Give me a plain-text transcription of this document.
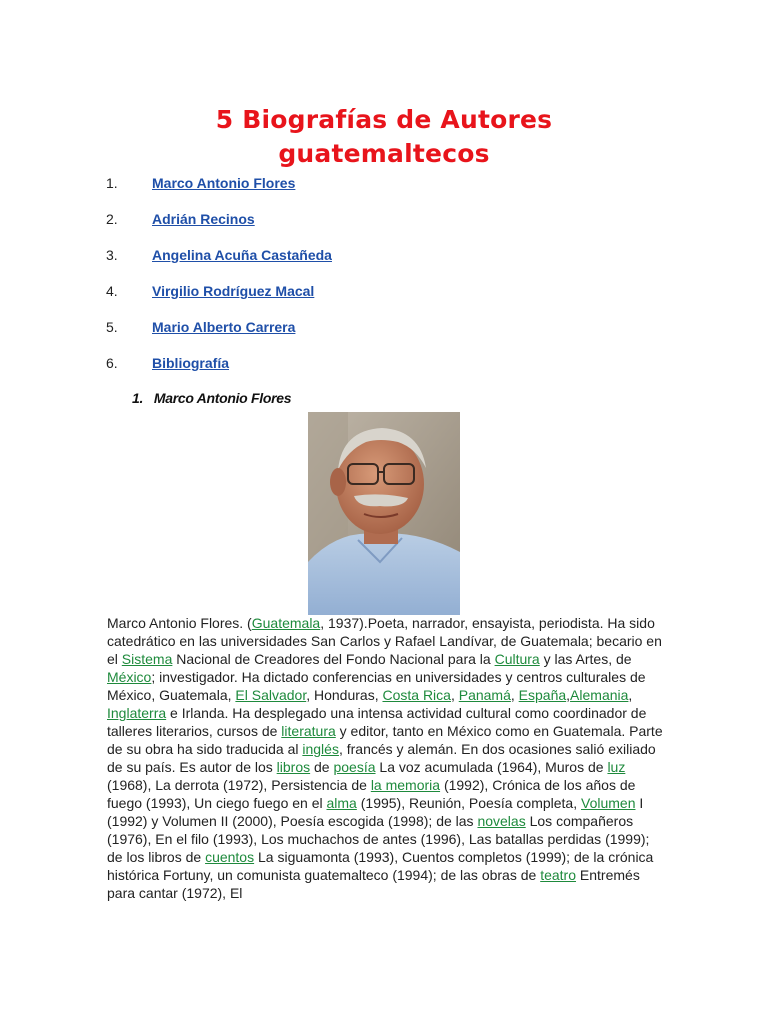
5 Biografías de Autores
guatemaltecos
1. Marco Antonio Flores
2. Adrián Recinos
3. Angelina Acuña Castañeda
4. Virgilio Rodríguez Macal
5. Mario Alberto Carrera
6. Bibliografía
1. Marco Antonio Flores
Marco Antonio Flores. (Guatemala, 1937).Poeta, narrador, ensayista, periodista. Ha sido catedrático en las universidades San Carlos y Rafael Landívar, de Guatemala; becario en el Sistema Nacional de Creadores del Fondo Nacional para la Cultura y las Artes, de México; investigador. Ha dictado conferencias en universidades y centros culturales de México, Guatemala, El Salvador, Honduras, Costa Rica, Panamá, España,Alemania, Inglaterra e Irlanda. Ha desplegado una intensa actividad cultural como coordinador de talleres literarios, cursos de literatura y editor, tanto en México como en Guatemala. Parte de su obra ha sido traducida al inglés, francés y alemán. En dos ocasiones salió exiliado de su país. Es autor de los libros de poesía La voz acumulada (1964), Muros de luz (1968), La derrota (1972), Persistencia de la memoria (1992), Crónica de los años de fuego (1993), Un ciego fuego en el alma (1995), Reunión, Poesía completa, Volumen I (1992) y Volumen II (2000), Poesía escogida (1998); de las novelas Los compañeros (1976), En el filo (1993), Los muchachos de antes (1996), Las batallas perdidas (1999); de los libros de cuentos La siguamonta (1993), Cuentos completos (1999); de la crónica histórica Fortuny, un comunista guatemalteco (1994); de las obras de teatro Entremés para cantar (1972), El
